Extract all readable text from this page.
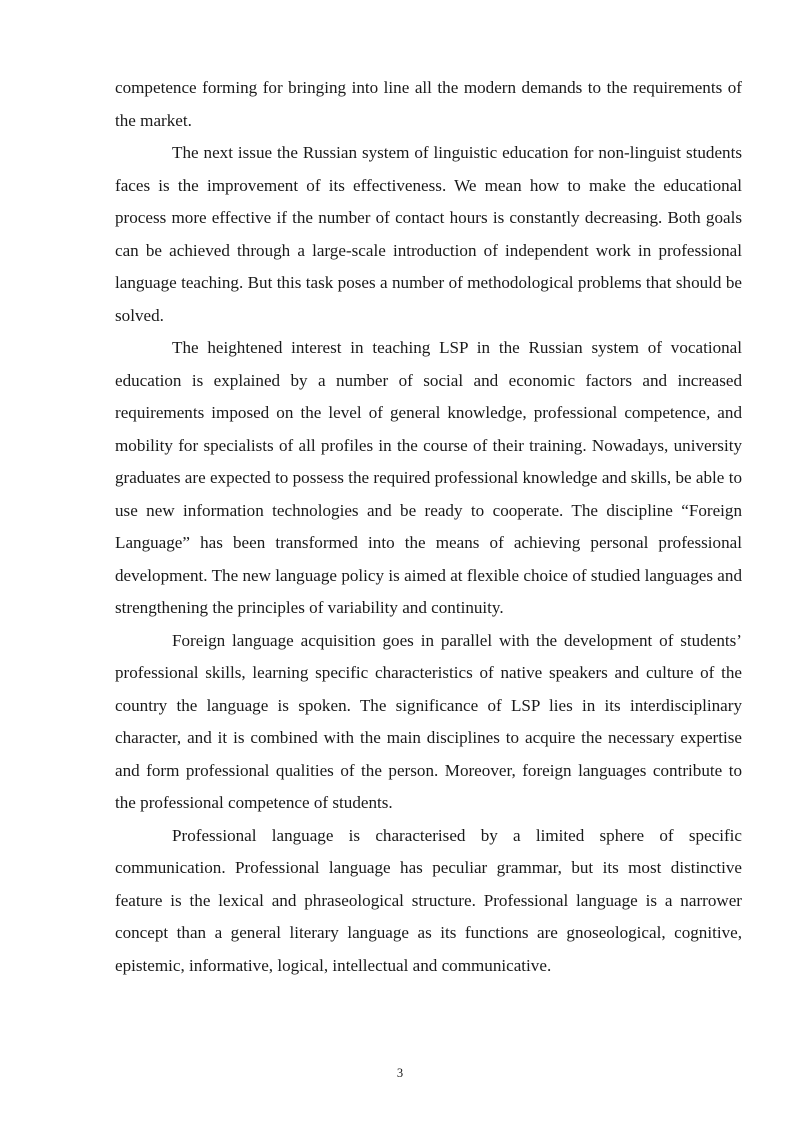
competence forming for bringing into line all the modern demands to the requirements of the market.

The next issue the Russian system of linguistic education for non-linguist students faces is the improvement of its effectiveness. We mean how to make the educational process more effective if the number of contact hours is constantly decreasing. Both goals can be achieved through a large-scale introduction of independent work in professional language teaching. But this task poses a number of methodological problems that should be solved.

The heightened interest in teaching LSP in the Russian system of vocational education is explained by a number of social and economic factors and increased requirements imposed on the level of general knowledge, professional competence, and mobility for specialists of all profiles in the course of their training. Nowadays, university graduates are expected to possess the required professional knowledge and skills, be able to use new information technologies and be ready to cooperate. The discipline “Foreign Language” has been transformed into the means of achieving personal professional development. The new language policy is aimed at flexible choice of studied languages and strengthening the principles of variability and continuity.

Foreign language acquisition goes in parallel with the development of students’ professional skills, learning specific characteristics of native speakers and culture of the country the language is spoken. The significance of LSP lies in its interdisciplinary character, and it is combined with the main disciplines to acquire the necessary expertise and form professional qualities of the person. Moreover, foreign languages contribute to the professional competence of students.

Professional language is characterised by a limited sphere of specific communication. Professional language has peculiar grammar, but its most distinctive feature is the lexical and phraseological structure. Professional language is a narrower concept than a general literary language as its functions are gnoseological, cognitive, epistemic, informative, logical, intellectual and communicative.

3
